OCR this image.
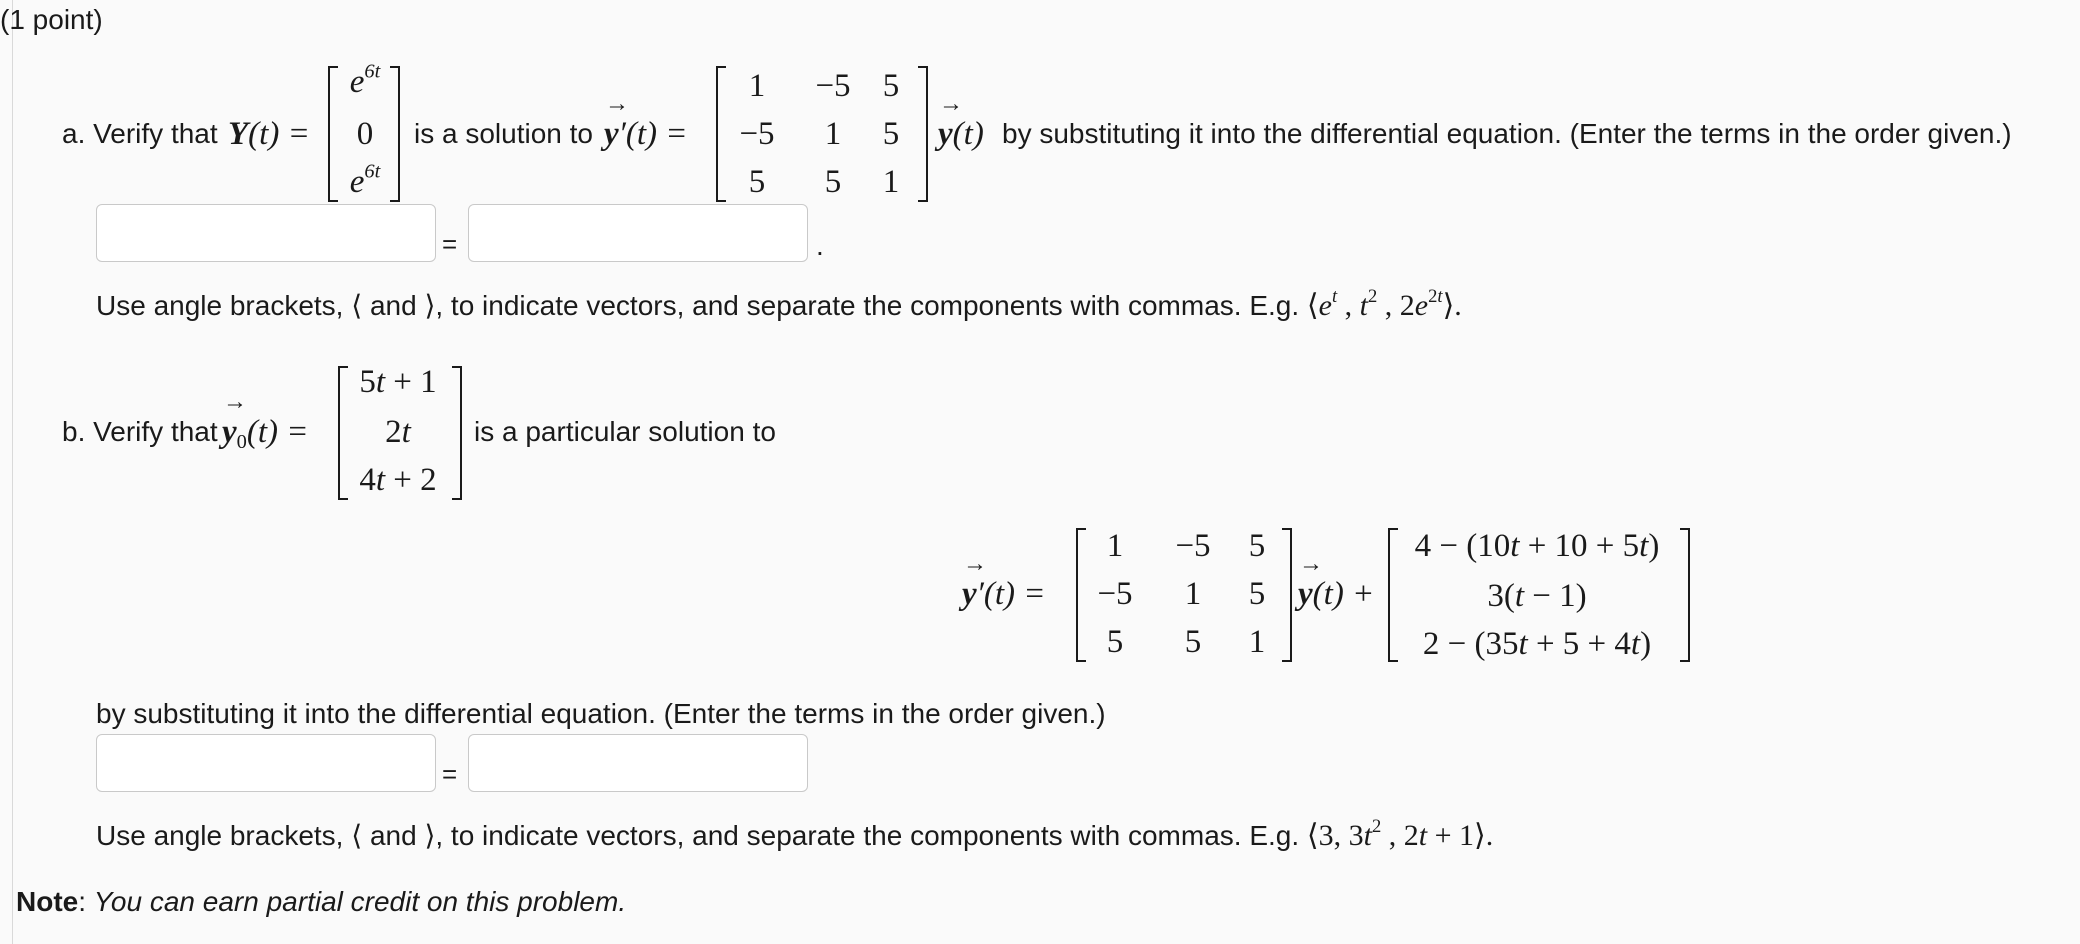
(1 point)
a. Verify that Y(t) =
$e^{6t}$
0
$e^{6t}$
is a solution to → y′(t) =
1	−5 5
−5	1	5
5	5	1
→ y(t) by substituting it into the differential equation. (Enter the terms in the order given.)
=	.
Use angle brackets, ⟨ and ⟩, to indicate vectors, and separate the components with commas. E.g. $⟨e^t$ , $t^2$ , $2e^{2t}⟩$.
b. Verify that → $y_0(t)$ =
5t + 1
2t
4t + 2
is a particular solution to
→ y′(t) =
1	−5	5
−5	1	5
5	5	1
→ y(t) +
4 − (10t + 10 + 5t)
3(t − 1)
2 − (35t + 5 + 4t)
by substituting it into the differential equation. (Enter the terms in the order given.)
=
Use angle brackets, ⟨ and ⟩, to indicate vectors, and separate the components with commas. E.g. ⟨3, $3t^2$ , 2t + 1⟩.
Note: You can earn partial credit on this problem.
